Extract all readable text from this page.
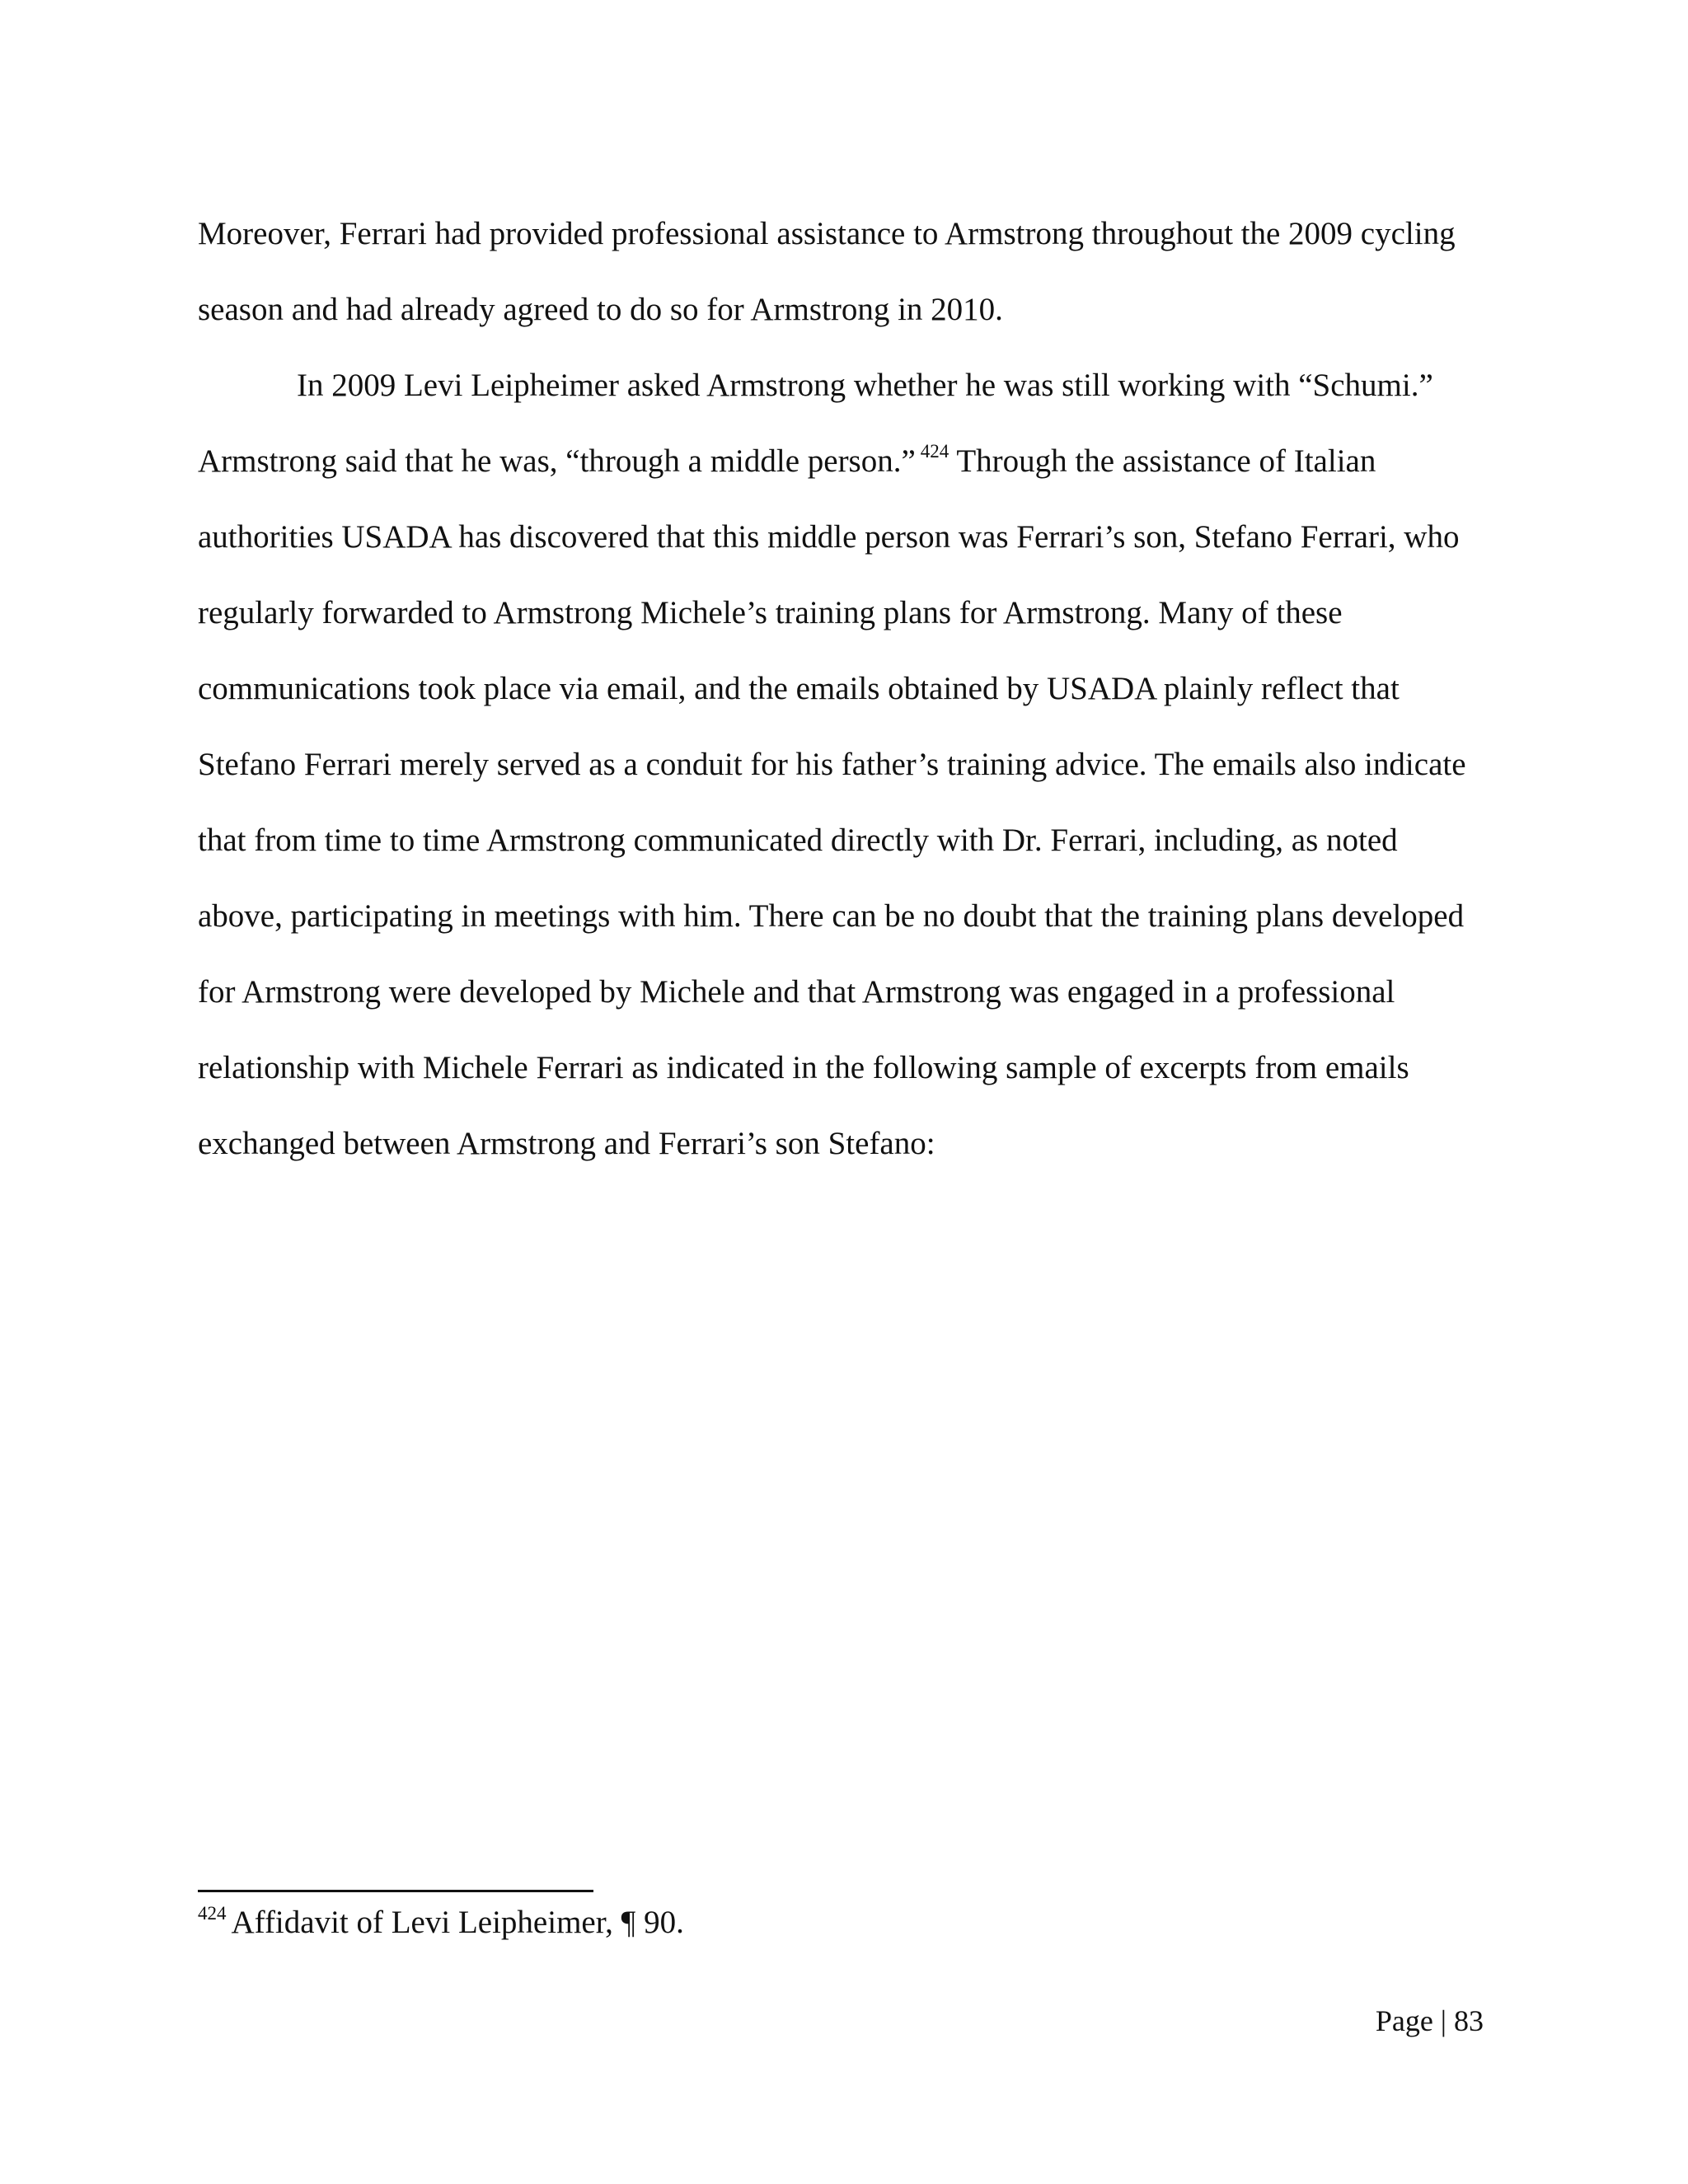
Moreover, Ferrari had provided professional assistance to Armstrong throughout the 2009 cycling season and had already agreed to do so for Armstrong in 2010.

In 2009 Levi Leipheimer asked Armstrong whether he was still working with “Schumi.” Armstrong said that he was, “through a middle person.” $^{424}$ Through the assistance of Italian authorities USADA has discovered that this middle person was Ferrari’s son, Stefano Ferrari, who regularly forwarded to Armstrong Michele’s training plans for Armstrong. Many of these communications took place via email, and the emails obtained by USADA plainly reflect that Stefano Ferrari merely served as a conduit for his father’s training advice. The emails also indicate that from time to time Armstrong communicated directly with Dr. Ferrari, including, as noted above, participating in meetings with him. There can be no doubt that the training plans developed for Armstrong were developed by Michele and that Armstrong was engaged in a professional relationship with Michele Ferrari as indicated in the following sample of excerpts from emails exchanged between Armstrong and Ferrari’s son Stefano:

$^{424}$ Affidavit of Levi Leipheimer, ¶ 90.
Page | 83
